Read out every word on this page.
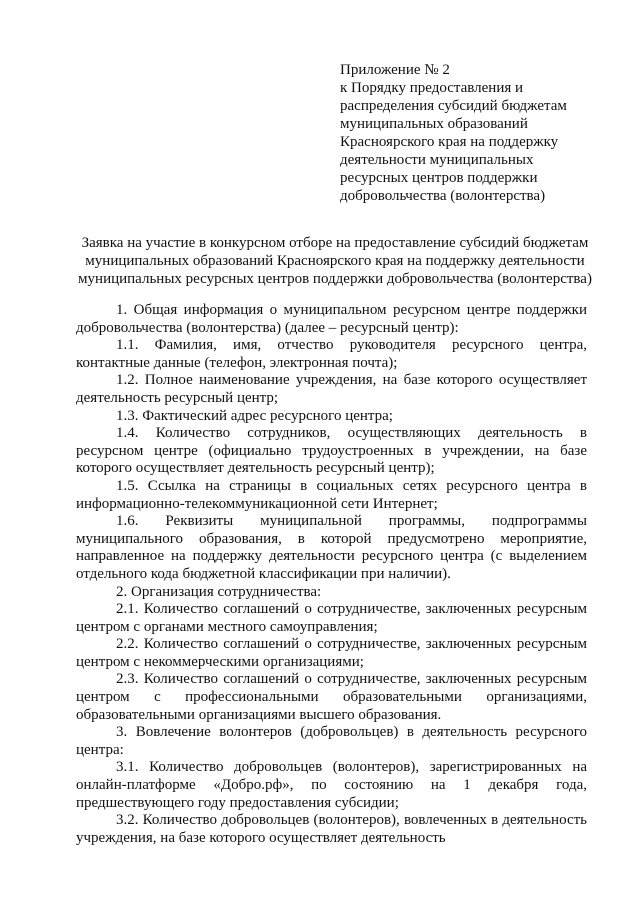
Приложение № 2
к Порядку предоставления и
распределения субсидий бюджетам
муниципальных образований
Красноярского края на поддержку
деятельности муниципальных
ресурсных центров поддержки
добровольчества (волонтерства)
Заявка на участие в конкурсном отборе на предоставление субсидий бюджетам
муниципальных образований Красноярского края на поддержку деятельности
муниципальных ресурсных центров поддержки добровольчества (волонтерства)

1. Общая информация о муниципальном ресурсном центре поддержки добровольчества (волонтерства) (далее – ресурсный центр):

1.1. Фамилия, имя, отчество руководителя ресурсного центра, контактные данные (телефон, электронная почта);

1.2. Полное наименование учреждения, на базе которого осуществляет деятельность ресурсный центр;

1.3. Фактический адрес ресурсного центра;

1.4. Количество сотрудников, осуществляющих деятельность в ресурсном центре (официально трудоустроенных в учреждении, на базе которого осуществляет деятельность ресурсный центр);

1.5. Ссылка на страницы в социальных сетях ресурсного центра в информационно-телекоммуникационной сети Интернет;

1.6. Реквизиты муниципальной программы, подпрограммы муниципального образования, в которой предусмотрено мероприятие, направленное на поддержку деятельности ресурсного центра (с выделением отдельного кода бюджетной классификации при наличии).

2. Организация сотрудничества:

2.1. Количество соглашений о сотрудничестве, заключенных ресурсным центром с органами местного самоуправления;

2.2. Количество соглашений о сотрудничестве, заключенных ресурсным центром с некоммерческими организациями;

2.3. Количество соглашений о сотрудничестве, заключенных ресурсным центром с профессиональными образовательными организациями, образовательными организациями высшего образования.

3. Вовлечение волонтеров (добровольцев) в деятельность ресурсного центра:

3.1. Количество добровольцев (волонтеров), зарегистрированных на онлайн-платформе «Добро.рф», по состоянию на 1 декабря года, предшествующего году предоставления субсидии;

3.2. Количество добровольцев (волонтеров), вовлеченных в деятельность учреждения, на базе которого осуществляет деятельность
